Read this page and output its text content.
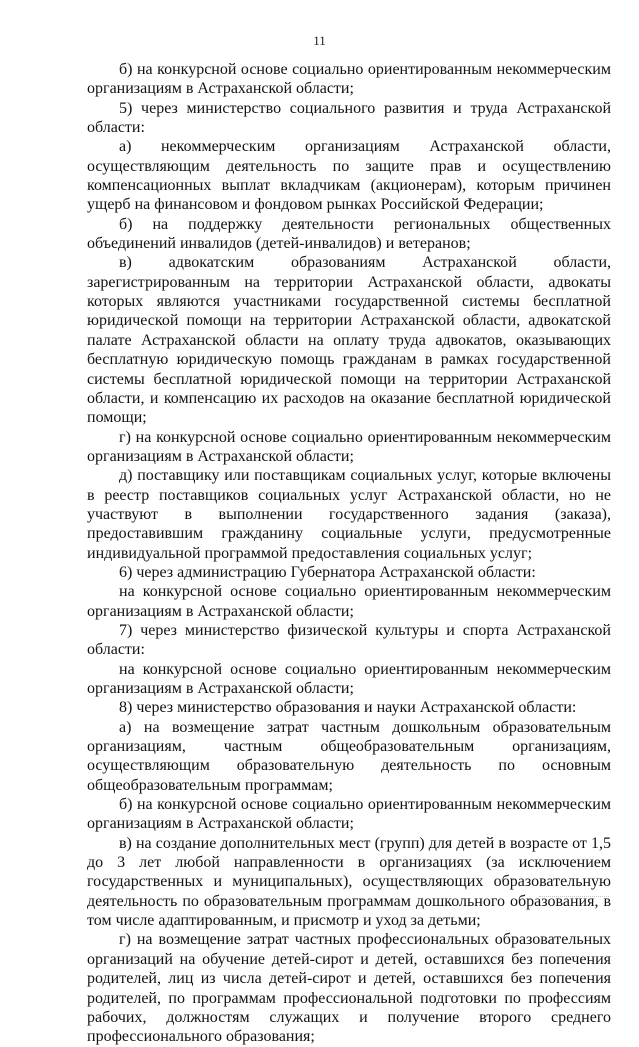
11

б) на конкурсной основе социально ориентированным некоммерческим организациям в Астраханской области;

5) через министерство социального развития и труда Астраханской области:

а) некоммерческим организациям Астраханской области, осуществляющим деятельность по защите прав и осуществлению компенсационных выплат вкладчикам (акционерам), которым причинен ущерб на финансовом и фондовом рынках Российской Федерации;

б) на поддержку деятельности региональных общественных объединений инвалидов (детей-инвалидов) и ветеранов;

в) адвокатским образованиям Астраханской области, зарегистрированным на территории Астраханской области, адвокаты которых являются участниками государственной системы бесплатной юридической помощи на территории Астраханской области, адвокатской палате Астраханской области на оплату труда адвокатов, оказывающих бесплатную юридическую помощь гражданам в рамках государственной системы бесплатной юридической помощи на территории Астраханской области, и компенсацию их расходов на оказание бесплатной юридической помощи;

г) на конкурсной основе социально ориентированным некоммерческим организациям в Астраханской области;

д) поставщику или поставщикам социальных услуг, которые включены в реестр поставщиков социальных услуг Астраханской области, но не участвуют в выполнении государственного задания (заказа), предоставившим гражданину социальные услуги, предусмотренные индивидуальной программой предоставления социальных услуг;

6) через администрацию Губернатора Астраханской области:

на конкурсной основе социально ориентированным некоммерческим организациям в Астраханской области;

7) через министерство физической культуры и спорта Астраханской области:

на конкурсной основе социально ориентированным некоммерческим организациям в Астраханской области;

8) через министерство образования и науки Астраханской области:

а) на возмещение затрат частным дошкольным образовательным организациям, частным общеобразовательным организациям, осуществляющим образовательную деятельность по основным общеобразовательным программам;

б) на конкурсной основе социально ориентированным некоммерческим организациям в Астраханской области;

в) на создание дополнительных мест (групп) для детей в возрасте от 1,5 до 3 лет любой направленности в организациях (за исключением государственных и муниципальных), осуществляющих образовательную деятельность по образовательным программам дошкольного образования, в том числе адаптированным, и присмотр и уход за детьми;

г) на возмещение затрат частных профессиональных образовательных организаций на обучение детей-сирот и детей, оставшихся без попечения родителей, лиц из числа детей-сирот и детей, оставшихся без попечения родителей, по программам профессиональной подготовки по профессиям рабочих, должностям служащих и получение второго среднего профессионального образования;
